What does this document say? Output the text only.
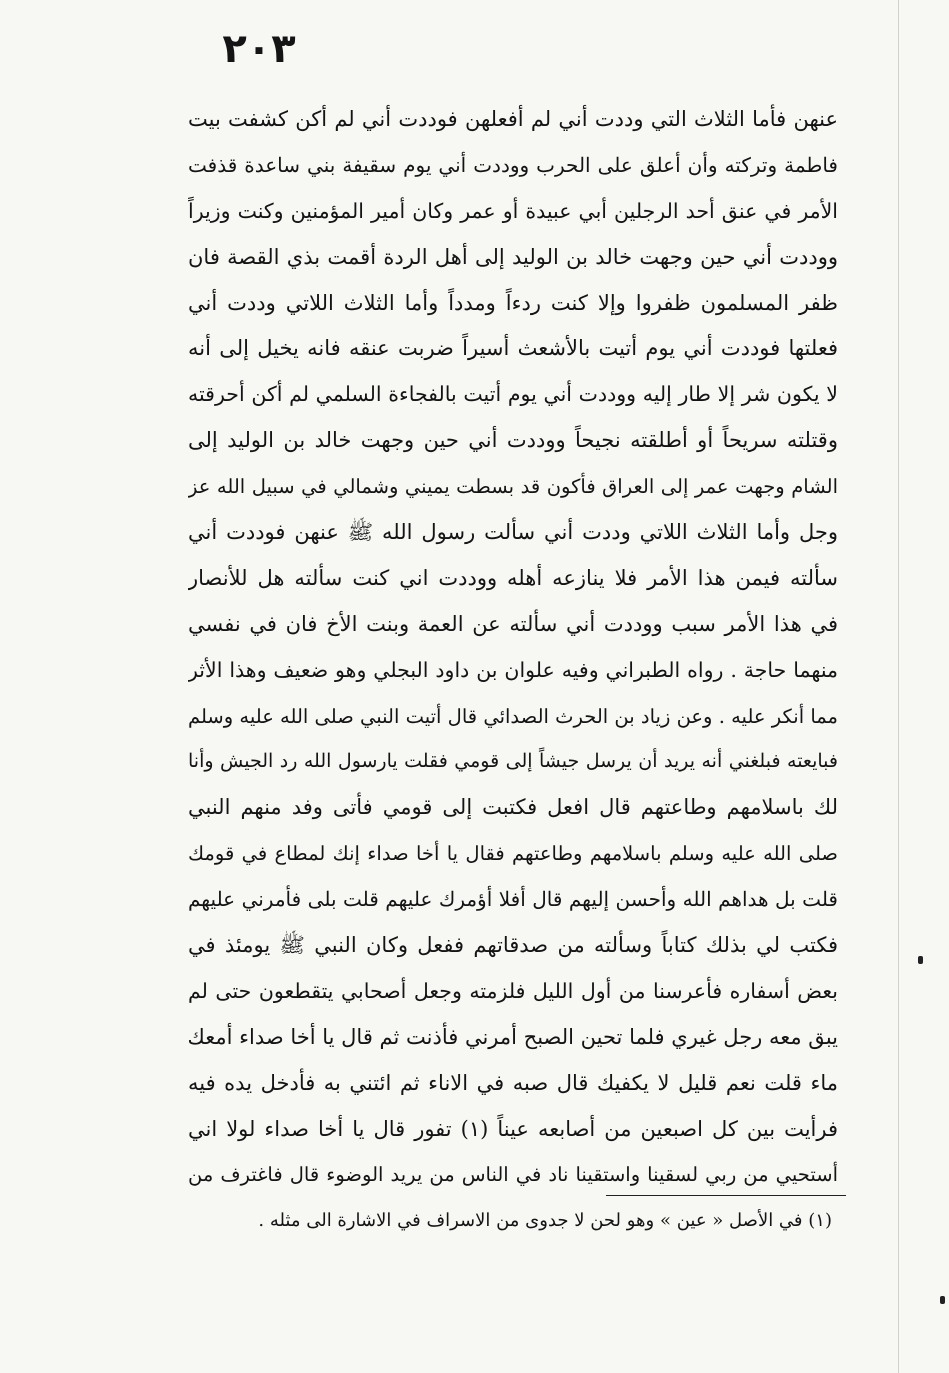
٢٠٣
عنهن فأما الثلاث التي وددت أني لم أفعلهن فوددت أني لم أكن كشفت بيت
فاطمة وتركته وأن أعلق على الحرب ووددت أني يوم سقيفة بني ساعدة قذفت
الأمر في عنق أحد الرجلين أبي عبيدة أو عمر وكان أمير المؤمنين وكنت وزيراً
ووددت أني حين وجهت خالد بن الوليد إلى أهل الردة أقمت بذي القصة فان
ظفر المسلمون ظفروا وإلا كنت ردءاً ومدداً وأما الثلاث اللاتي وددت أني
فعلتها فوددت أني يوم أتيت بالأشعث أسيراً ضربت عنقه فانه يخيل إلى أنه
لا يكون شر إلا طار إليه ووددت أني يوم أتيت بالفجاءة السلمي لم أكن أحرقته
وقتلته سريحاً أو أطلقته نجيحاً ووددت أني حين وجهت خالد بن الوليد إلى
الشام وجهت عمر إلى العراق فأكون قد بسطت يميني وشمالي في سبيل الله عز
وجل وأما الثلاث اللاتي وددت أني سألت رسول الله ﷺ عنهن فوددت أني
سألته فيمن هذا الأمر فلا ينازعه أهله ووددت اني كنت سألته هل للأنصار
في هذا الأمر سبب ووددت أني سألته عن العمة وبنت الأخ فان في نفسي
منهما حاجة . رواه الطبراني وفيه علوان بن داود البجلي وهو ضعيف وهذا الأثر
مما أنكر عليه . وعن زياد بن الحرث الصدائي قال أتيت النبي صلى الله عليه وسلم
فبايعته فبلغني أنه يريد أن يرسل جيشاً إلى قومي فقلت يارسول الله رد الجيش وأنا
لك باسلامهم وطاعتهم قال افعل فكتبت إلى قومي فأتى وفد منهم النبي
صلى الله عليه وسلم باسلامهم وطاعتهم فقال يا أخا صداء إنك لمطاع في قومك
قلت بل هداهم الله وأحسن إليهم قال أفلا أؤمرك عليهم قلت بلى فأمرني عليهم
فكتب لي بذلك كتاباً وسألته من صدقاتهم ففعل وكان النبي ﷺ يومئذ في
بعض أسفاره فأعرسنا من أول الليل فلزمته وجعل أصحابي يتقطعون حتى لم
يبق معه رجل غيري فلما تحين الصبح أمرني فأذنت ثم قال يا أخا صداء أمعك
ماء قلت نعم قليل لا يكفيك قال صبه في الاناء ثم ائتني به فأدخل يده فيه
فرأيت بين كل اصبعين من أصابعه عيناً (١) تفور قال يا أخا صداء لولا اني
أستحيي من ربي لسقينا واستقينا ناد في الناس من يريد الوضوء قال فاغترف من
(١) في الأصل « عين » وهو لحن لا جدوى من الاسراف في الاشارة الى مثله .
